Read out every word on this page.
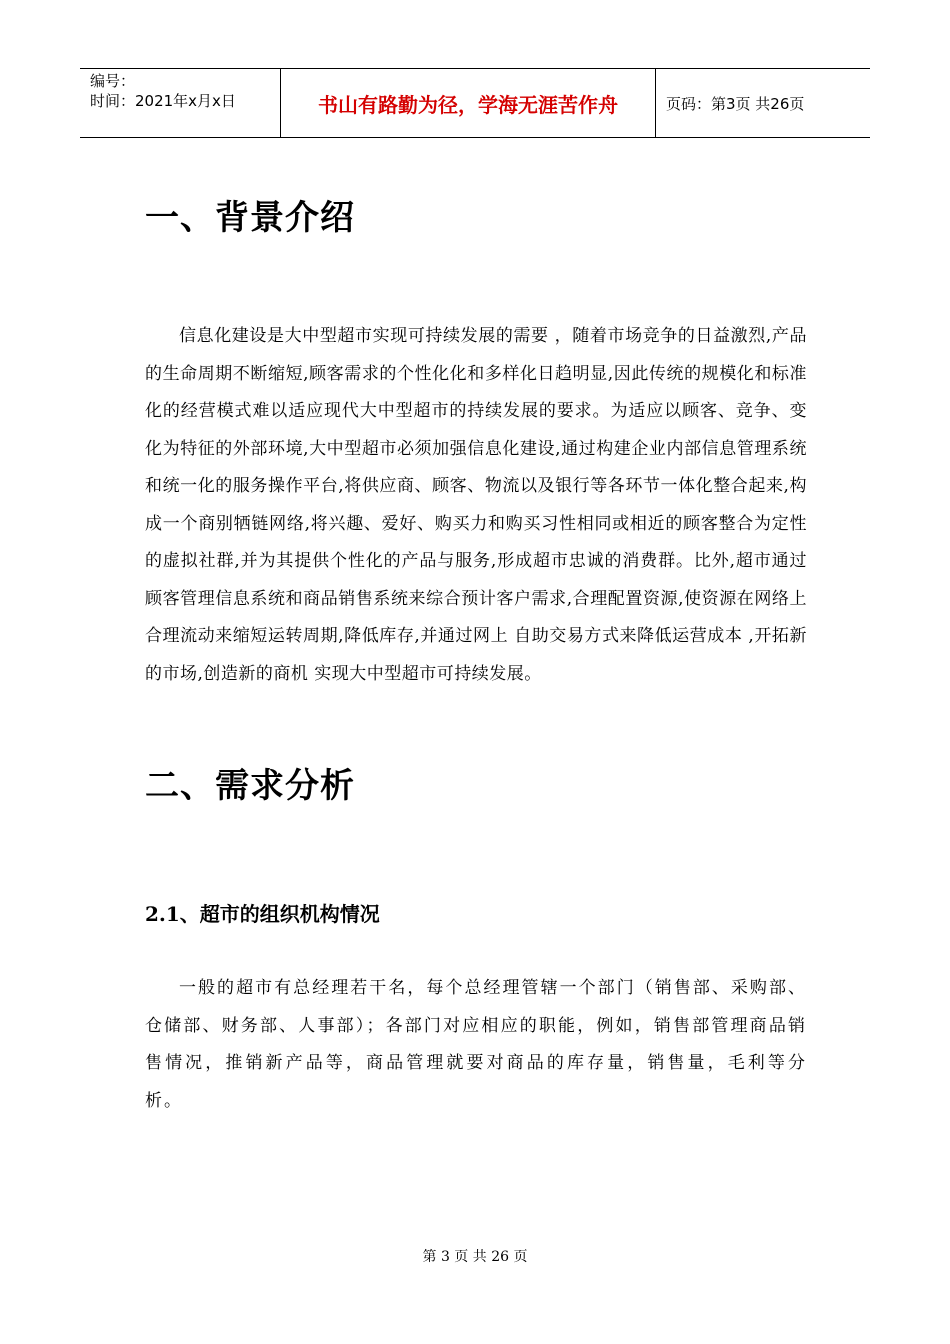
编号：
时间：2021年x月x日	书山有路勤为径，学海无涯苦作舟	页码：第3页 共26页
一、背景介绍
信息化建设是大中型超市实现可持续发展的需要 ，随着市场竞争的日益激烈,产品的生命周期不断缩短,顾客需求的个性化化和多样化日趋明显,因此传统的规模化和标准化的经营模式难以适应现代大中型超市的持续发展的要求。为适应以顾客、竞争、变化为特征的外部环境,大中型超市必须加强信息化建设,通过构建企业内部信息管理系统和统一化的服务操作平台,将供应商、顾客、物流以及银行等各环节一体化整合起来,构成一个商别牺链网络,将兴趣、爱好、购买力和购买习性相同或相近的顾客整合为定性的虚拟社群,并为其提供个性化的产品与服务,形成超市忠诚的消费群。比外,超市通过顾客管理信息系统和商品销售系统来综合预计客户需求,合理配置资源,使资源在网络上合理流动来缩短运转周期,降低库存,并通过网上 自助交易方式来降低运营成本 ,开拓新的市场,创造新的商机 实现大中型超市可持续发展。
二、需求分析
2.1、超市的组织机构情况
一般的超市有总经理若干名，每个总经理管辖一个部门（销售部、采购部、仓储部、财务部、人事部）；各部门对应相应的职能，例如，销售部管理商品销售情况，推销新产品等，商品管理就要对商品的库存量，销售量，毛利等分析。
第 3 页 共 26 页
